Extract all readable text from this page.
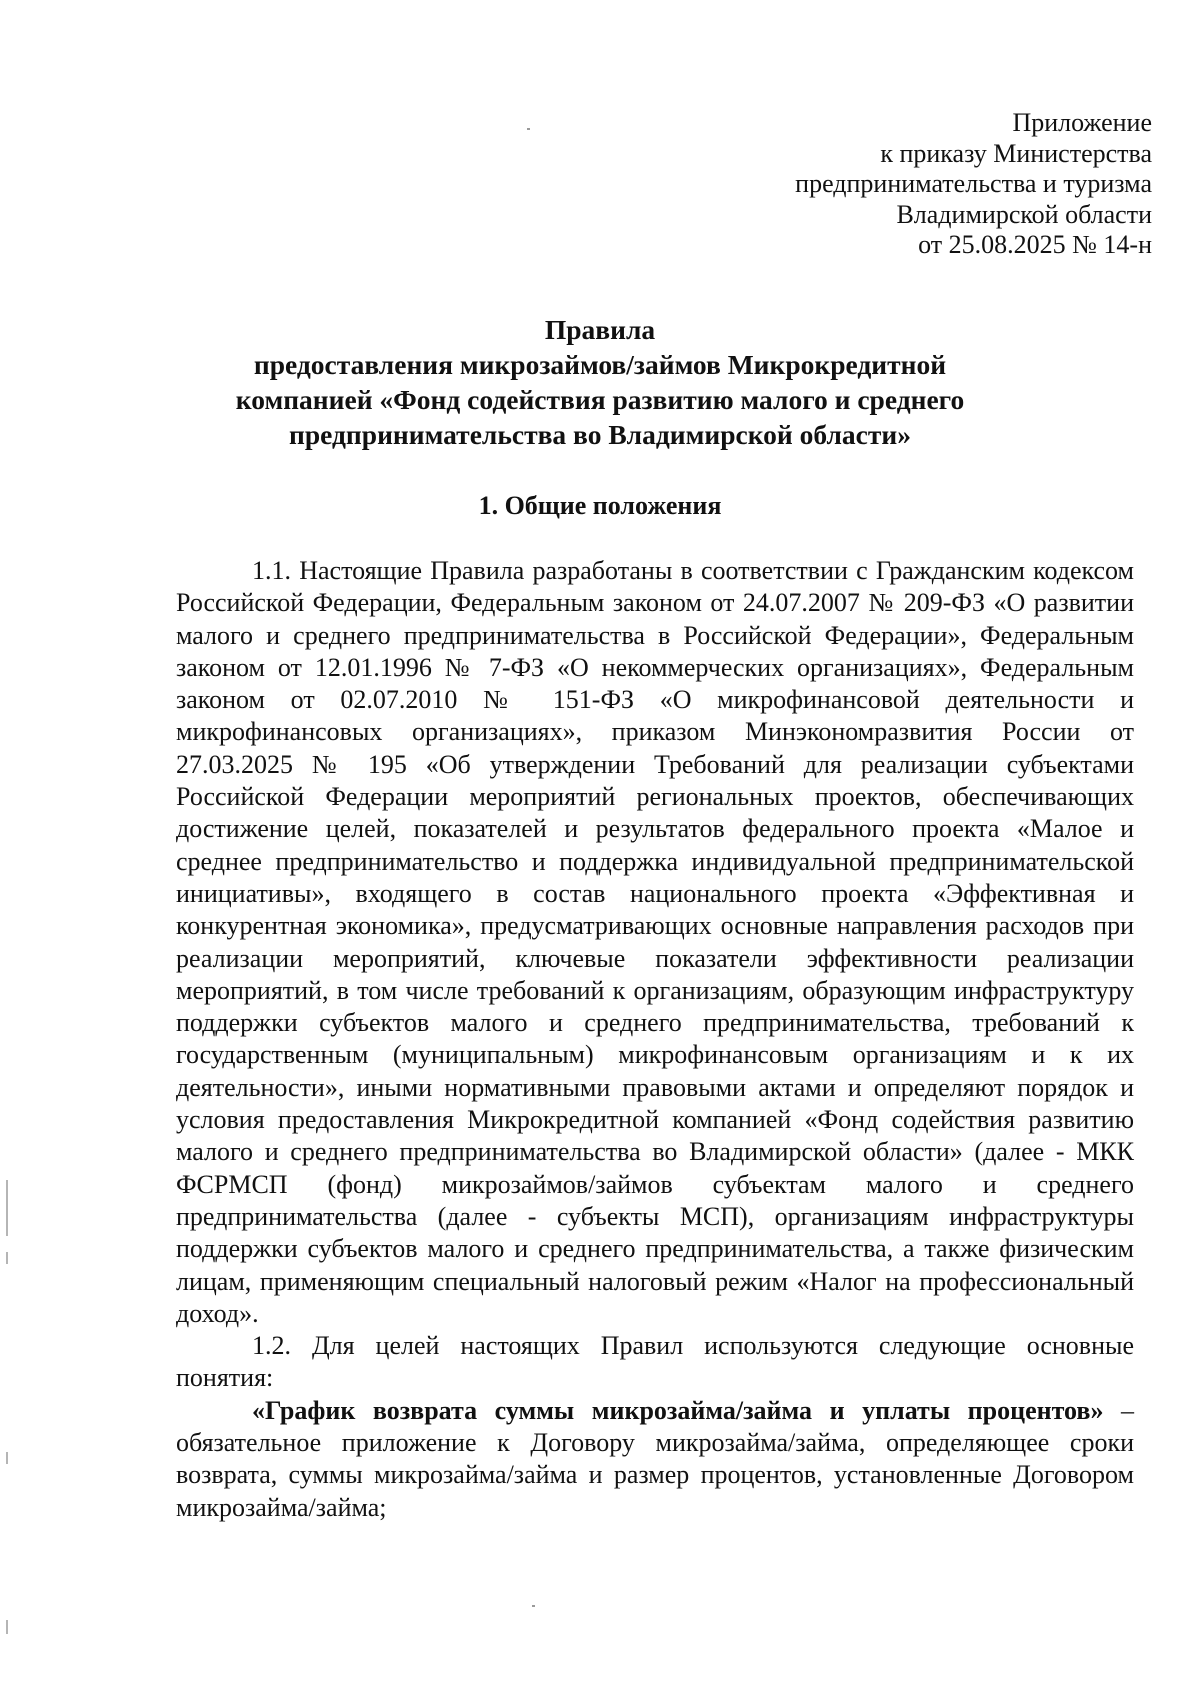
Приложение
к приказу Министерства
предпринимательства и туризма
Владимирской области
от 25.08.2025 № 14-н
Правила
предоставления микрозаймов/займов Микрокредитной
компанией «Фонд содействия развитию малого и среднего
предпринимательства во Владимирской области»
1. Общие положения

1.1. Настоящие Правила разработаны в соответствии с Гражданским кодексом Российской Федерации, Федеральным законом от 24.07.2007 № 209-ФЗ «О развитии малого и среднего предпринимательства в Российской Федерации», Федеральным законом от 12.01.1996 № 7-ФЗ «О некоммерческих организациях», Федеральным законом от 02.07.2010 № 151-ФЗ «О микрофинансовой деятельности и микрофинансовых организациях», приказом Минэкономразвития России от 27.03.2025 № 195 «Об утверждении Требований для реализации субъектами Российской Федерации мероприятий региональных проектов, обеспечивающих достижение целей, показателей и результатов федерального проекта «Малое и среднее предпринимательство и поддержка индивидуальной предпринимательской инициативы», входящего в состав национального проекта «Эффективная и конкурентная экономика», предусматривающих основные направления расходов при реализации мероприятий, ключевые показатели эффективности реализации мероприятий, в том числе требований к организациям, образующим инфраструктуру поддержки субъектов малого и среднего предпринимательства, требований к государственным (муниципальным) микрофинансовым организациям и к их деятельности», иными нормативными правовыми актами и определяют порядок и условия предоставления Микрокредитной компанией «Фонд содействия развитию малого и среднего предпринимательства во Владимирской области» (далее - МКК ФСРМСП (фонд) микрозаймов/займов субъектам малого и среднего предпринимательства (далее - субъекты МСП), организациям инфраструктуры поддержки субъектов малого и среднего предпринимательства, а также физическим лицам, применяющим специальный налоговый режим «Налог на профессиональный доход».

1.2. Для целей настоящих Правил используются следующие основные понятия:

«График возврата суммы микрозайма/займа и уплаты процентов» – обязательное приложение к Договору микрозайма/займа, определяющее сроки возврата, суммы микрозайма/займа и размер процентов, установленные Договором микрозайма/займа;
